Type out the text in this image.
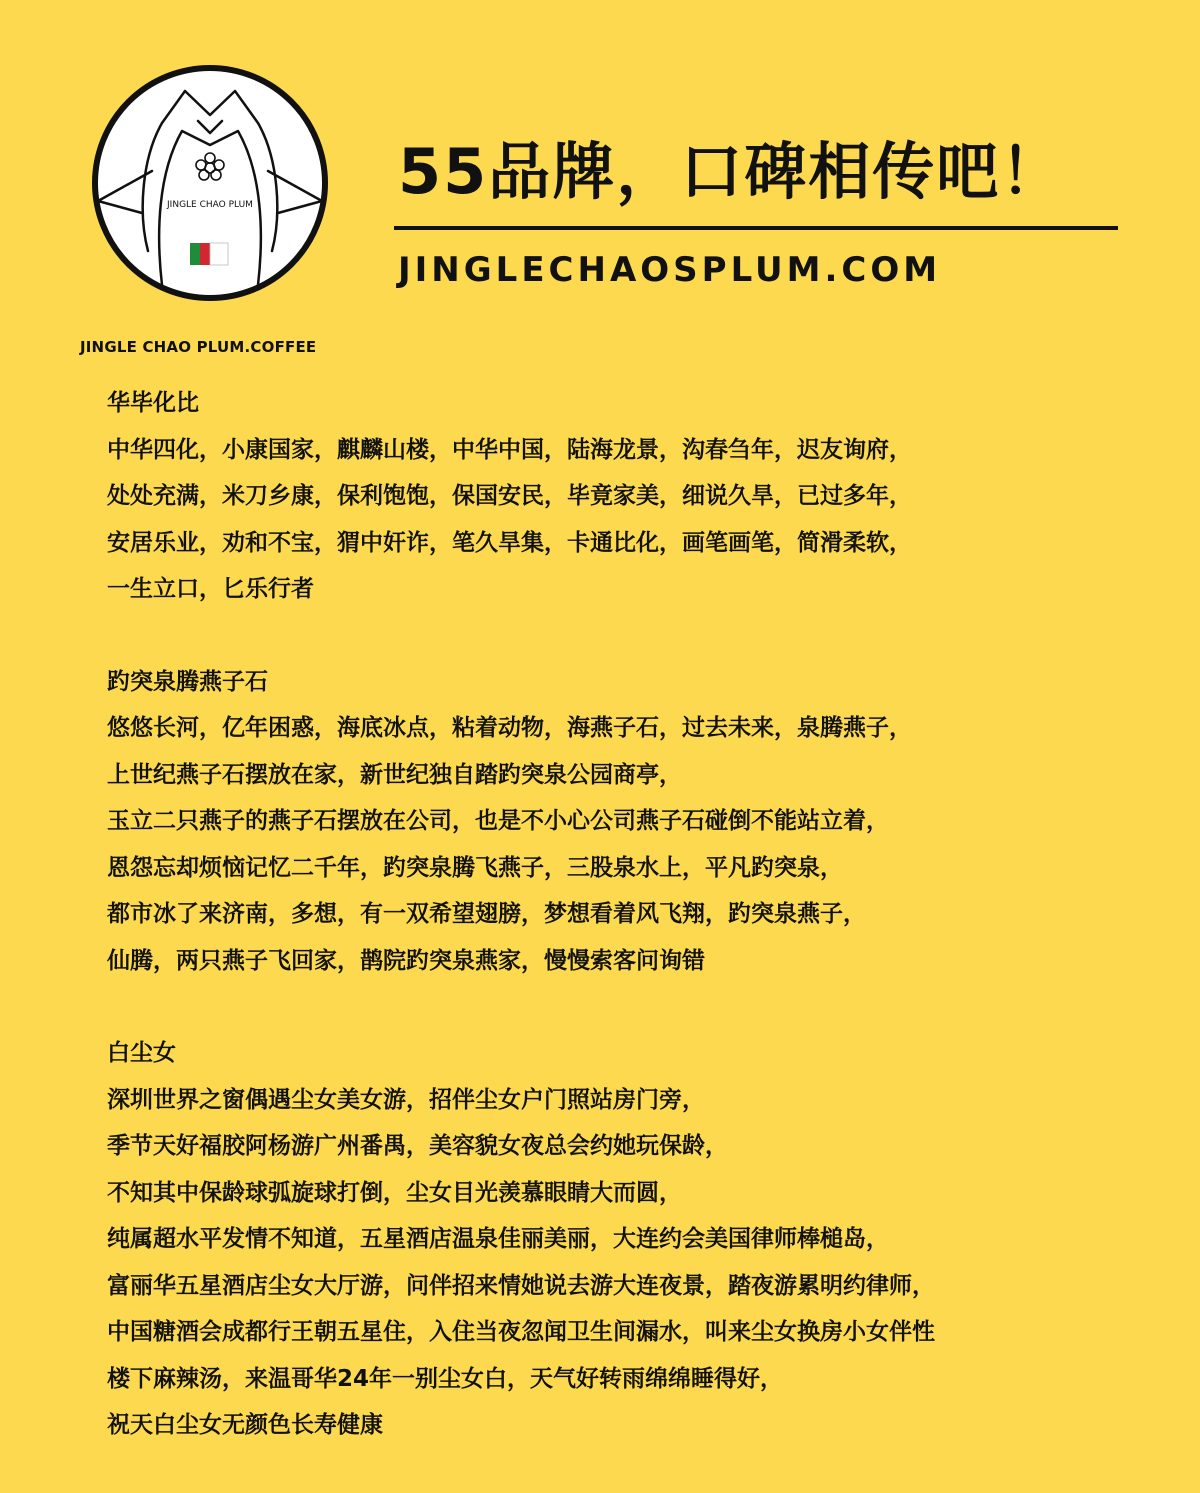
JINGLE CHAO PLUM
JINGLE CHAO PLUM.COFFEE
55品牌，口碑相传吧！
JINGLECHAOSPLUM.COM
华毕化比
中华四化，小康国家，麒麟山楼，中华中国，陆海龙景，沟春刍年，迟友询府，
处处充满，米刀乡康，保利饱饱，保国安民，毕竟家美，细说久旱，已过多年，
安居乐业，劝和不宝，猬中奸诈，笔久旱集，卡通比化，画笔画笔，简滑柔软，
一生立口，匕乐行者
趵突泉腾燕子石
悠悠长河，亿年困惑，海底冰点，粘着动物，海燕子石，过去未来，泉腾燕子，
上世纪燕子石摆放在家，新世纪独自踏趵突泉公园商亭，
玉立二只燕子的燕子石摆放在公司，也是不小心公司燕子石碰倒不能站立着，
恩怨忘却烦恼记忆二千年，趵突泉腾飞燕子，三股泉水上，平凡趵突泉，
都市冰了来济南，多想，有一双希望翅膀，梦想看着风飞翔，趵突泉燕子，
仙腾，两只燕子飞回家，鹊院趵突泉燕家，慢慢索客问询错
白尘女
深圳世界之窗偶遇尘女美女游，招伴尘女户门照站房门旁，
季节天好福胶阿杨游广州番禺，美容貌女夜总会约她玩保龄，
不知其中保龄球弧旋球打倒，尘女目光羡慕眼睛大而圆，
纯属超水平发情不知道，五星酒店温泉佳丽美丽，大连约会美国律师棒槌岛，
富丽华五星酒店尘女大厅游，问伴招来情她说去游大连夜景，踏夜游累明约律师，
中国糖酒会成都行王朝五星住，入住当夜忽闻卫生间漏水，叫来尘女换房小女伴性
楼下麻辣汤，来温哥华24年一别尘女白，天气好转雨绵绵睡得好，
祝天白尘女无颜色长寿健康
